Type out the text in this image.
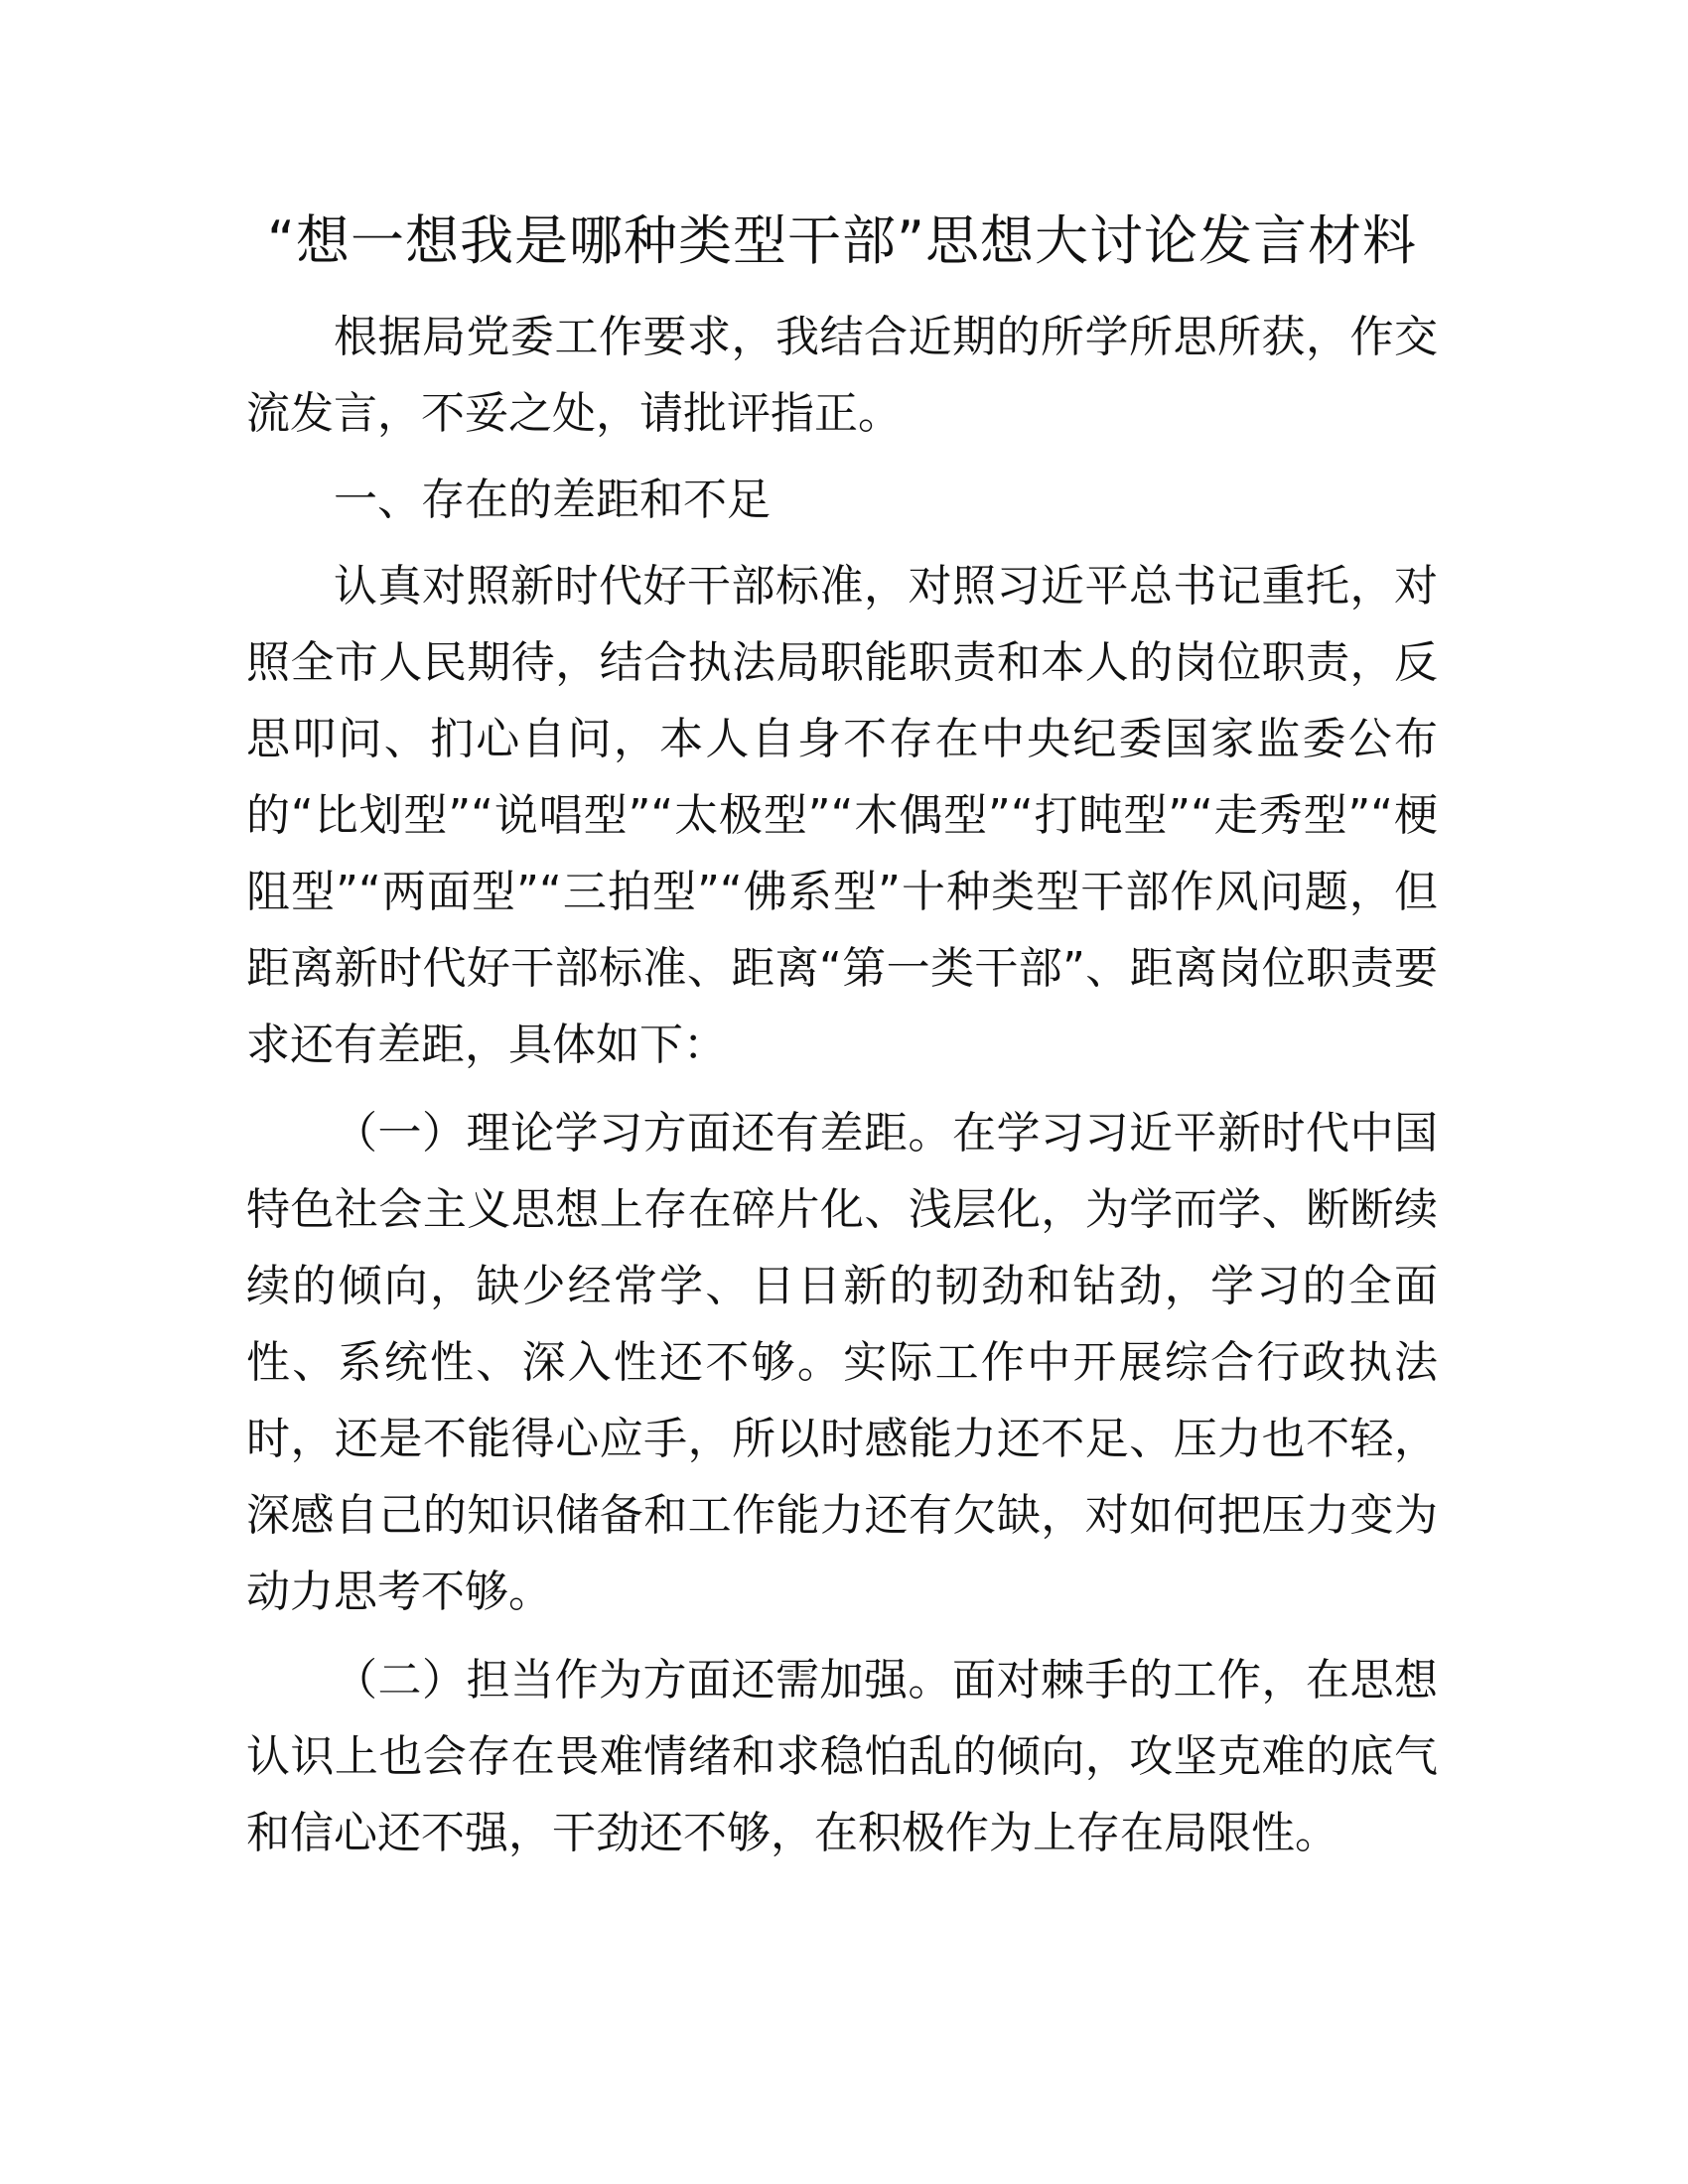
“想一想我是哪种类型干部”思想大讨论发言材料

根据局党委工作要求，我结合近期的所学所思所获，作交流发言，不妥之处，请批评指正。

一、存在的差距和不足

认真对照新时代好干部标准，对照习近平总书记重托，对照全市人民期待，结合执法局职能职责和本人的岗位职责，反思叩问、扪心自问，本人自身不存在中央纪委国家监委公布的“比划型”“说唱型”“太极型”“木偶型”“打盹型”“走秀型”“梗阻型”“两面型”“三拍型”“佛系型”十种类型干部作风问题，但距离新时代好干部标准、距离“第一类干部”、距离岗位职责要求还有差距，具体如下：

（一）理论学习方面还有差距。在学习习近平新时代中国特色社会主义思想上存在碎片化、浅层化，为学而学、断断续续的倾向，缺少经常学、日日新的韧劲和钻劲，学习的全面性、系统性、深入性还不够。实际工作中开展综合行政执法时，还是不能得心应手，所以时感能力还不足、压力也不轻，深感自己的知识储备和工作能力还有欠缺，对如何把压力变为动力思考不够。

（二）担当作为方面还需加强。面对棘手的工作，在思想认识上也会存在畏难情绪和求稳怕乱的倾向，攻坚克难的底气和信心还不强，干劲还不够，在积极作为上存在局限性。
